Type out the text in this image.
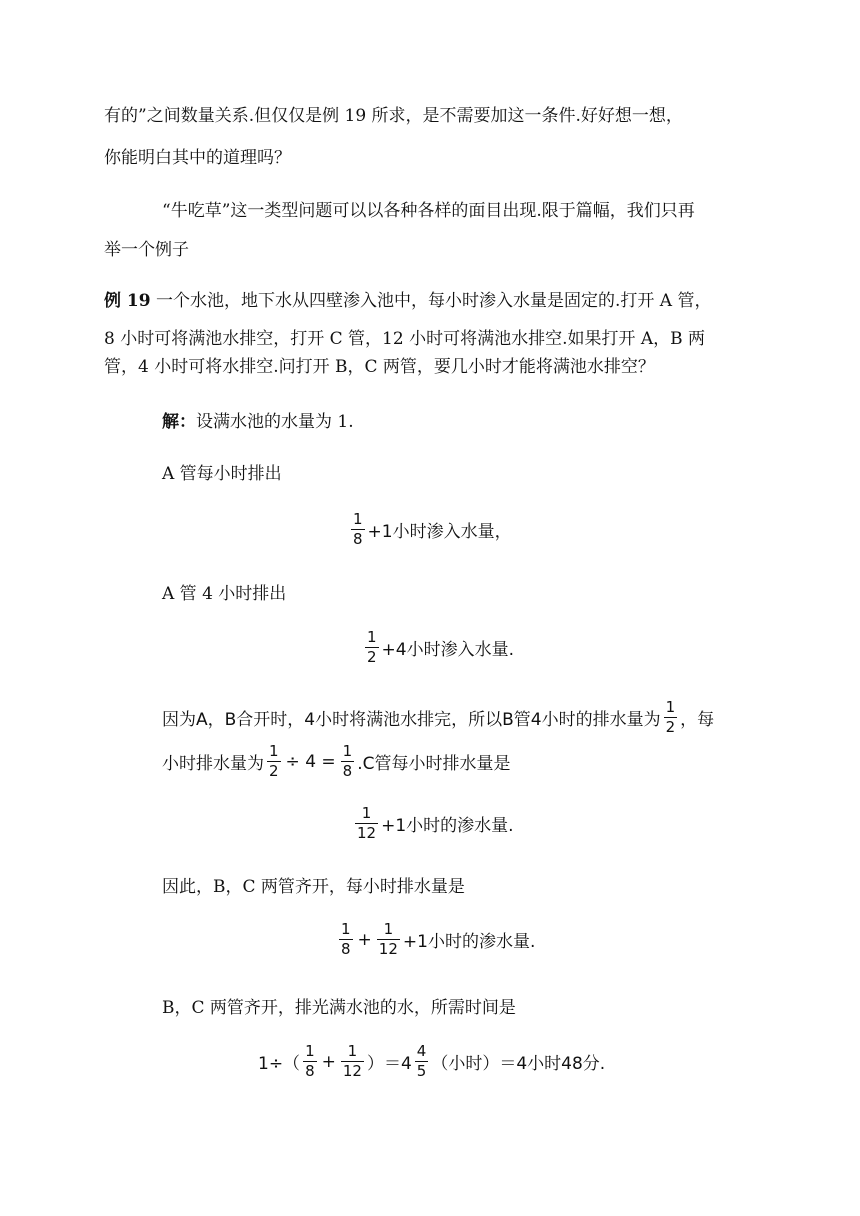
有的”之间数量关系.但仅仅是例 19 所求，是不需要加这一条件.好好想一想，
你能明白其中的道理吗？
“牛吃草”这一类型问题可以以各种各样的面目出现.限于篇幅，我们只再
举一个例子
例 19 一个水池，地下水从四壁渗入池中，每小时渗入水量是固定的.打开 A 管，
8 小时可将满池水排空，打开 C 管，12 小时可将满池水排空.如果打开 A，B 两
管，4 小时可将水排空.问打开 B，C 两管，要几小时才能将满池水排空？
解：设满水池的水量为 1.
A 管每小时排出
$\frac{1}{8} +1$小时渗入水量，
A 管 4 小时排出
$\frac{1}{2} +4$小时渗入水量.
因为A，B合开时，4小时将满池水排完，所以B管4小时的排水量为 $\frac{1}{2}$ ，每
小时排水量为 $\frac{1}{2} \div 4 = \frac{1}{8} .C$管每小时排水量是
$\frac{1}{12} +1$小时的渗水量.
因此，B，C 两管齐开，每小时排水量是
$\frac{1}{8} + \frac{1}{12} +1$小时的渗水量.
B，C 两管齐开，排光满水池的水，所需时间是
$1\div( \frac{1}{8} + \frac{1}{12} )=4 \frac{4}{5}$ （小时）＝4小时48分.
